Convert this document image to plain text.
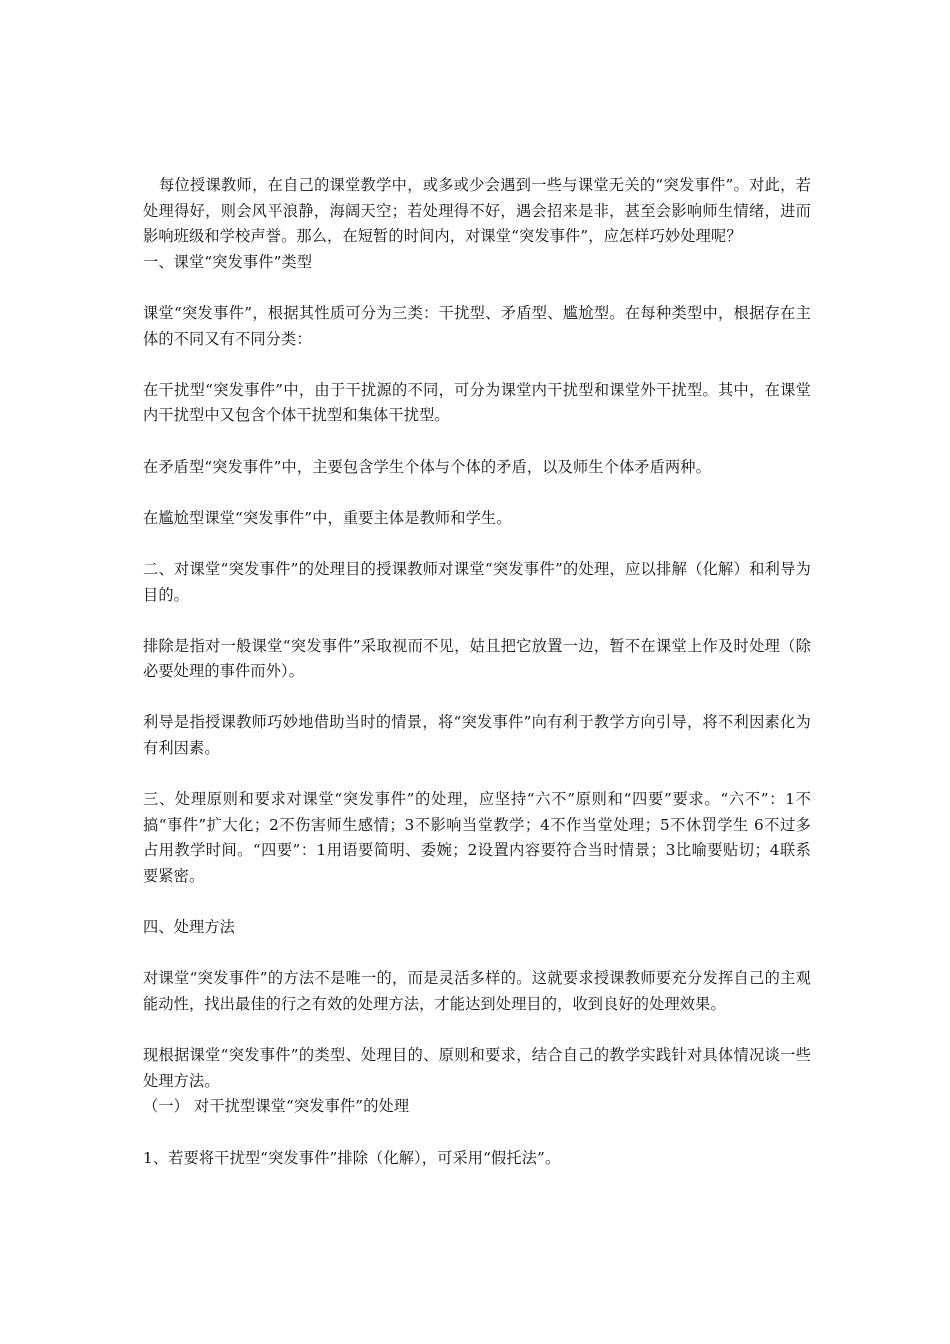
每位授课教师，在自己的课堂教学中，或多或少会遇到一些与课堂无关的“突发事件”。对此，若处理得好，则会风平浪静，海阔天空；若处理得不好，遇会招来是非，甚至会影响师生情绪，进而影响班级和学校声誉。那么，在短暂的时间内，对课堂“突发事件”，应怎样巧妙处理呢？

一、课堂“突发事件”类型

课堂“突发事件”，根据其性质可分为三类：干扰型、矛盾型、尴尬型。在每种类型中，根据存在主体的不同又有不同分类：

在干扰型“突发事件”中，由于干扰源的不同，可分为课堂内干扰型和课堂外干扰型。其中，在课堂内干扰型中又包含个体干扰型和集体干扰型。

在矛盾型“突发事件”中，主要包含学生个体与个体的矛盾，以及师生个体矛盾两种。

在尴尬型课堂“突发事件”中，重要主体是教师和学生。

二、对课堂“突发事件”的处理目的授课教师对课堂“突发事件”的处理，应以排解（化解）和利导为目的。

排除是指对一般课堂“突发事件”采取视而不见，姑且把它放置一边，暂不在课堂上作及时处理（除必要处理的事件而外）。

利导是指授课教师巧妙地借助当时的情景，将“突发事件”向有利于教学方向引导，将不利因素化为有利因素。

三、处理原则和要求对课堂“突发事件”的处理，应坚持“六不”原则和“四要”要求。“六不”：1不搞“事件”扩大化；2不伤害师生感情；3不影响当堂教学；4不作当堂处理；5不休罚学生 6不过多占用教学时间。“四要”：1用语要简明、委婉；2设置内容要符合当时情景；3比喻要贴切；4联系要紧密。

四、处理方法

对课堂“突发事件”的方法不是唯一的，而是灵活多样的。这就要求授课教师要充分发挥自己的主观能动性，找出最佳的行之有效的处理方法，才能达到处理目的，收到良好的处理效果。

现根据课堂“突发事件”的类型、处理目的、原则和要求，结合自己的教学实践针对具体情况谈一些处理方法。

（一） 对干扰型课堂“突发事件”的处理

1、若要将干扰型“突发事件”排除（化解），可采用“假托法”。
